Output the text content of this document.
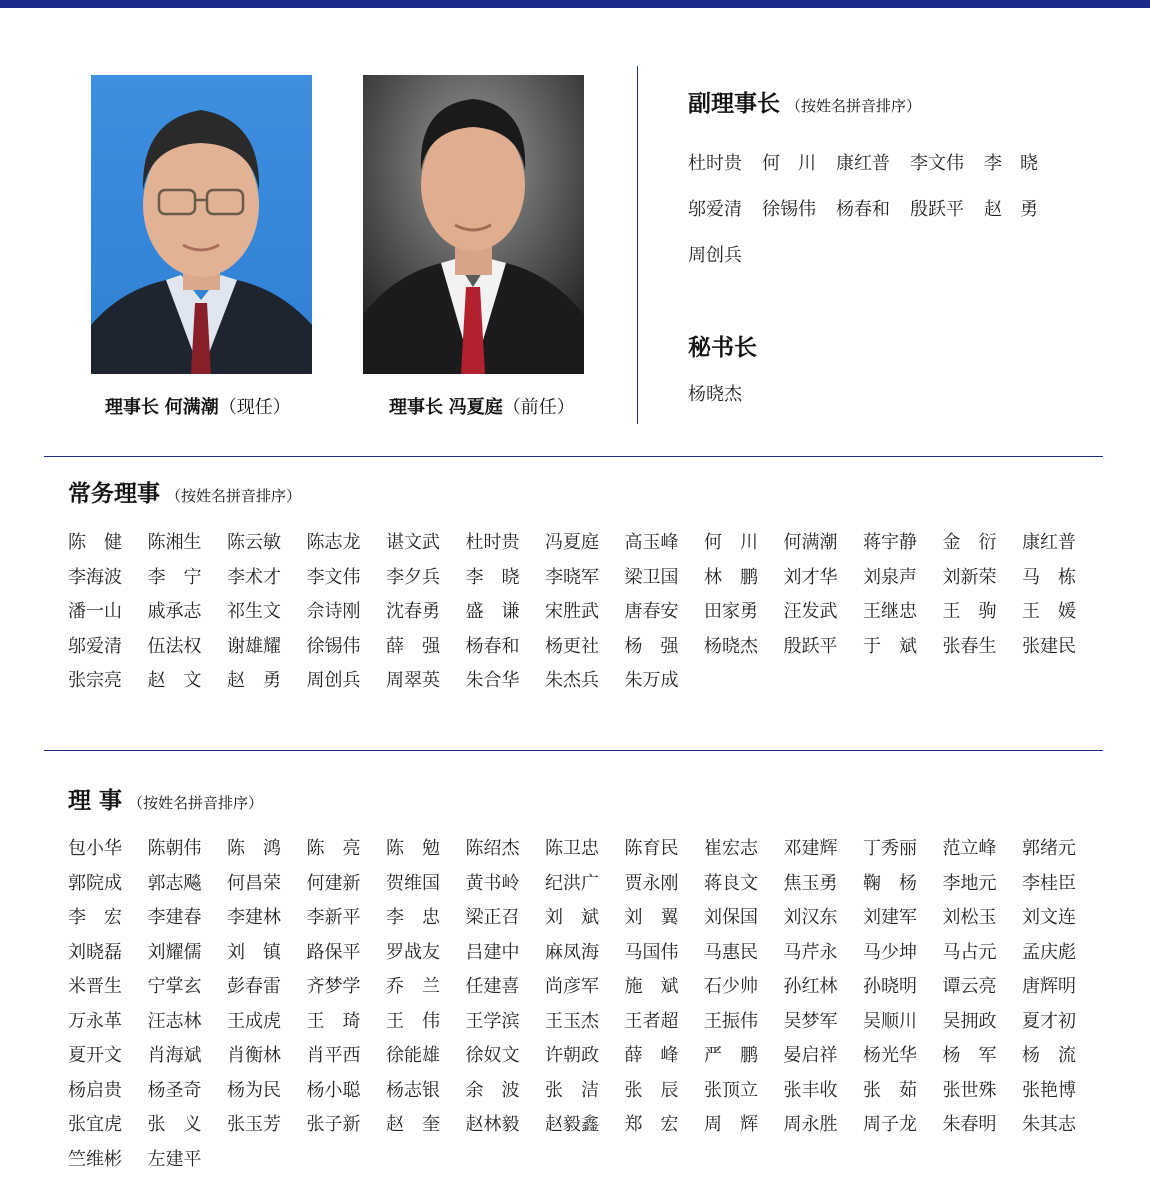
理事长 何满潮（现任）	理事长 冯夏庭（前任）
副理事长 （按姓名拼音排序）
杜时贵	何 川	康红普	李文伟	李 晓
邬爱清	徐锡伟	杨春和	殷跃平	赵 勇
周创兵
秘书长
杨晓杰
常务理事 （按姓名拼音排序）
陈 健	陈湘生	陈云敏	陈志龙	谌文武	杜时贵	冯夏庭	高玉峰	何 川	何满潮	蒋宇静	金 衍	康红普
李海波	李 宁	李术才	李文伟	李夕兵	李 晓	李晓军	梁卫国	林 鹏	刘才华	刘泉声	刘新荣	马 栋
潘一山	戚承志	祁生文	佘诗刚	沈春勇	盛 谦	宋胜武	唐春安	田家勇	汪发武	王继忠	王 驹	王 媛
邬爱清	伍法权	谢雄耀	徐锡伟	薛 强	杨春和	杨更社	杨 强	杨晓杰	殷跃平	于 斌	张春生	张建民
张宗亮	赵 文	赵 勇	周创兵	周翠英	朱合华	朱杰兵	朱万成
理 事 （按姓名拼音排序）
包小华	陈朝伟	陈 鸿	陈 亮	陈 勉	陈绍杰	陈卫忠	陈育民	崔宏志	邓建辉	丁秀丽	范立峰	郭绪元
郭院成	郭志飚	何昌荣	何建新	贺维国	黄书岭	纪洪广	贾永刚	蒋良文	焦玉勇	鞠 杨	李地元	李桂臣
李 宏	李建春	李建林	李新平	李 忠	梁正召	刘 斌	刘 翼	刘保国	刘汉东	刘建军	刘松玉	刘文连
刘晓磊	刘耀儒	刘 镇	路保平	罗战友	吕建中	麻凤海	马国伟	马惠民	马芹永	马少坤	马占元	孟庆彪
米晋生	宁掌玄	彭春雷	齐梦学	乔 兰	任建喜	尚彦军	施 斌	石少帅	孙红林	孙晓明	谭云亮	唐辉明
万永革	汪志林	王成虎	王 琦	王 伟	王学滨	王玉杰	王者超	王振伟	吴梦军	吴顺川	吴拥政	夏才初
夏开文	肖海斌	肖衡林	肖平西	徐能雄	徐奴文	许朝政	薛 峰	严 鹏	晏启祥	杨光华	杨 军	杨 流
杨启贵	杨圣奇	杨为民	杨小聪	杨志银	余 波	张 洁	张 辰	张顶立	张丰收	张 茹	张世殊	张艳博
张宜虎	张 义	张玉芳	张子新	赵 奎	赵林毅	赵毅鑫	郑 宏	周 辉	周永胜	周子龙	朱春明	朱其志
竺维彬	左建平
